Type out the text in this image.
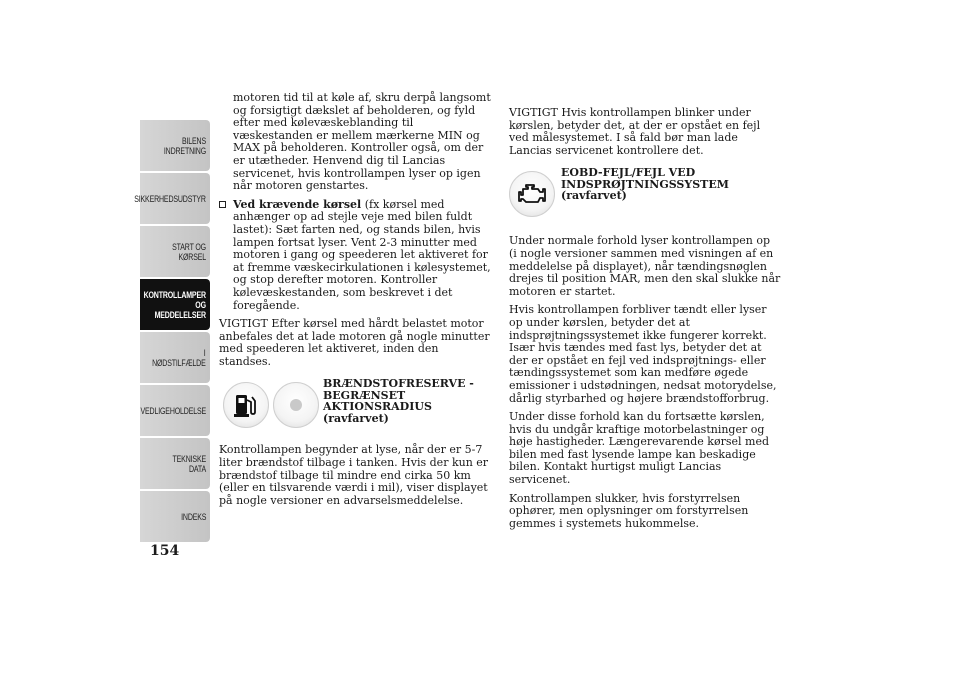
BILENS
INDRETNING
SIKKERHEDSUDSTYR
START OG KØRSEL
KONTROLLAMPER
OG MEDDELELSER
I NØDSTILFÆLDE
VEDLIGEHOLDELSE
TEKNISKE DATA
INDEKS
154

motoren tid til at køle af, skru derpå langsomt og forsigtigt dækslet af beholderen, og fyld efter med kølevæskeblanding til væskestanden er mellem mærkerne MIN og MAX på beholderen. Kontroller også, om der er utætheder. Henvend dig til Lancias servicenet, hvis kontrollampen lyser op igen når motoren genstartes.

Ved krævende kørsel (fx kørsel med anhænger op ad stejle veje med bilen fuldt lastet): Sæt farten ned, og stands bilen, hvis lampen fortsat lyser. Vent 2-3 minutter med motoren i gang og speederen let aktiveret for at fremme væskecirkulationen i kølesystemet, og stop derefter motoren. Kontroller kølevæskestanden, som beskrevet i det foregående.

VIGTIGT Efter kørsel med hårdt belastet motor anbefales det at lade motoren gå nogle minutter med speederen let aktiveret, inden den standses.

BRÆNDSTOFRESERVE -
BEGRÆNSET
AKTIONSRADIUS (ravfarvet)

Kontrollampen begynder at lyse, når der er 5-7 liter brændstof tilbage i tanken. Hvis der kun er brændstof tilbage til mindre end cirka 50 km (eller en tilsvarende værdi i mil), viser displayet på nogle versioner en advarselsmeddelelse.

VIGTIGT Hvis kontrollampen blinker under kørslen, betyder det, at der er opstået en fejl ved målesystemet. I så fald bør man lade Lancias servicenet kontrollere det.

EOBD-FEJL/FEJL VED
INDSPRØJTNINGSSYSTEM
(ravfarvet)

Under normale forhold lyser kontrollampen op (i nogle versioner sammen med visningen af en meddelelse på displayet), når tændingsnøglen drejes til position MAR, men den skal slukke når motoren er startet.

Hvis kontrollampen forbliver tændt eller lyser op under kørslen, betyder det at indsprøjtningssystemet ikke fungerer korrekt. Især hvis tændes med fast lys, betyder det at der er opstået en fejl ved indsprøjtnings- eller tændingssystemet som kan medføre øgede emissioner i udstødningen, nedsat motorydelse, dårlig styrbarhed og højere brændstofforbrug.

Under disse forhold kan du fortsætte kørslen, hvis du undgår kraftige motorbelastninger og høje hastigheder. Længerevarende kørsel med bilen med fast lysende lampe kan beskadige bilen. Kontakt hurtigst muligt Lancias servicenet.

Kontrollampen slukker, hvis forstyrrelsen ophører, men oplysninger om forstyrrelsen gemmes i systemets hukommelse.
